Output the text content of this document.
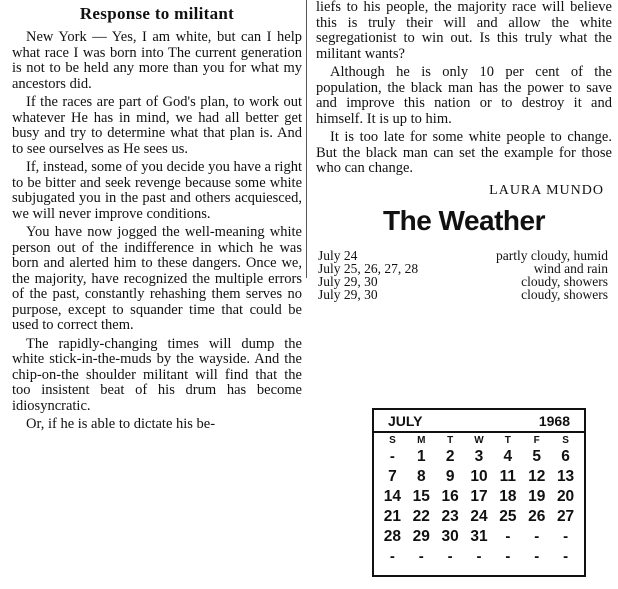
Response to militant

New York — Yes, I am white, but can I help what race I was born into The current generation is not to be held any more than you for what my ancestors did.

If the races are part of God's plan, to work out whatever He has in mind, we had all better get busy and try to determine what that plan is. And to see ourselves as He sees us.

If, instead, some of you decide you have a right to be bitter and seek revenge because some white subjugated you in the past and others acquiesced, we will never improve conditions.

You have now jogged the well-meaning white person out of the indifference in which he was born and alerted him to these dangers. Once we, the majority, have recognized the multiple errors of the past, constantly rehashing them serves no purpose, except to squander time that could be used to correct them.

The rapidly-changing times will dump the white stick-in-the-muds by the wayside. And the chip-on-the shoulder militant will find that the too insistent beat of his drum has become idiosyncratic.

Or, if he is able to dictate his be-

liefs to his people, the majority race will believe this is truly their will and allow the white segregationist to win out. Is this truly what the militant wants?

Although he is only 10 per cent of the population, the black man has the power to save and improve this nation or to destroy it and himself. It is up to him.

It is too late for some white people to change. But the black man can set the example for those who can change.

LAURA MUNDO
The Weather
July 24	partly cloudy, humid
July 25, 26, 27, 28	wind and rain
July 29, 30	cloudy, showers
July 29, 30	cloudy, showers
JULY	1968
S	M	T	W	T	F	S
-	1	2	3	4	5	6
7	8	9	10 11 12 13
14 15 16 17 18 19 20
21 22 23 24 25 26 27
28 29 30 31	-	-	-
-	-	-	-	-	-	-
